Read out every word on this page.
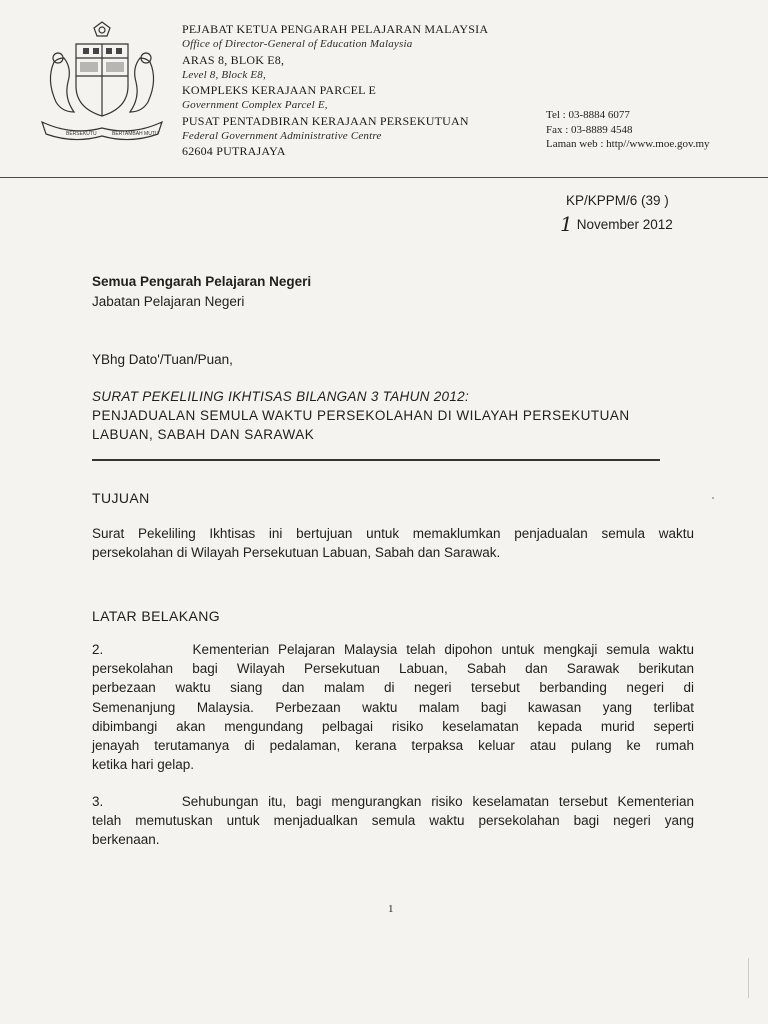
BERSEKUTU	BERTAMBAH MUTU
PEJABAT KETUA PENGARAH PELAJARAN MALAYSIA
Office of Director-General of Education Malaysia
ARAS 8, BLOK E8,
Level 8, Block E8,
KOMPLEKS KERAJAAN PARCEL E
Government Complex Parcel E,
PUSAT PENTADBIRAN KERAJAAN PERSEKUTUAN
Federal Government Administrative Centre
62604 PUTRAJAYA
Tel : 03-8884 6077
Fax : 03-8889 4548
Laman web : http//www.moe.gov.my
KP/KPPM/6 (39 )
1 November 2012
Semua Pengarah Pelajaran Negeri
Jabatan Pelajaran Negeri
YBhg Dato'/Tuan/Puan,
SURAT PEKELILING IKHTISAS BILANGAN 3 TAHUN 2012:
PENJADUALAN SEMULA WAKTU PERSEKOLAHAN DI WILAYAH PERSEKUTUAN
LABUAN, SABAH DAN SARAWAK
TUJUAN
Surat Pekeliling Ikhtisas ini bertujuan untuk memaklumkan penjadualan semula waktu
persekolahan di Wilayah Persekutuan Labuan, Sabah dan Sarawak.
LATAR BELAKANG
2.          Kementerian Pelajaran Malaysia telah dipohon untuk mengkaji semula waktu
persekolahan bagi Wilayah Persekutuan Labuan, Sabah dan Sarawak berikutan
perbezaan waktu siang dan malam di negeri tersebut berbanding negeri di
Semenanjung Malaysia. Perbezaan waktu malam bagi kawasan yang terlibat
dibimbangi akan mengundang pelbagai risiko keselamatan kepada murid seperti
jenayah terutamanya di pedalaman, kerana terpaksa keluar atau pulang ke rumah
ketika hari gelap.
3.        Sehubungan itu, bagi mengurangkan risiko keselamatan tersebut Kementerian
telah memutuskan untuk menjadualkan semula waktu persekolahan bagi negeri yang
berkenaan.
1
